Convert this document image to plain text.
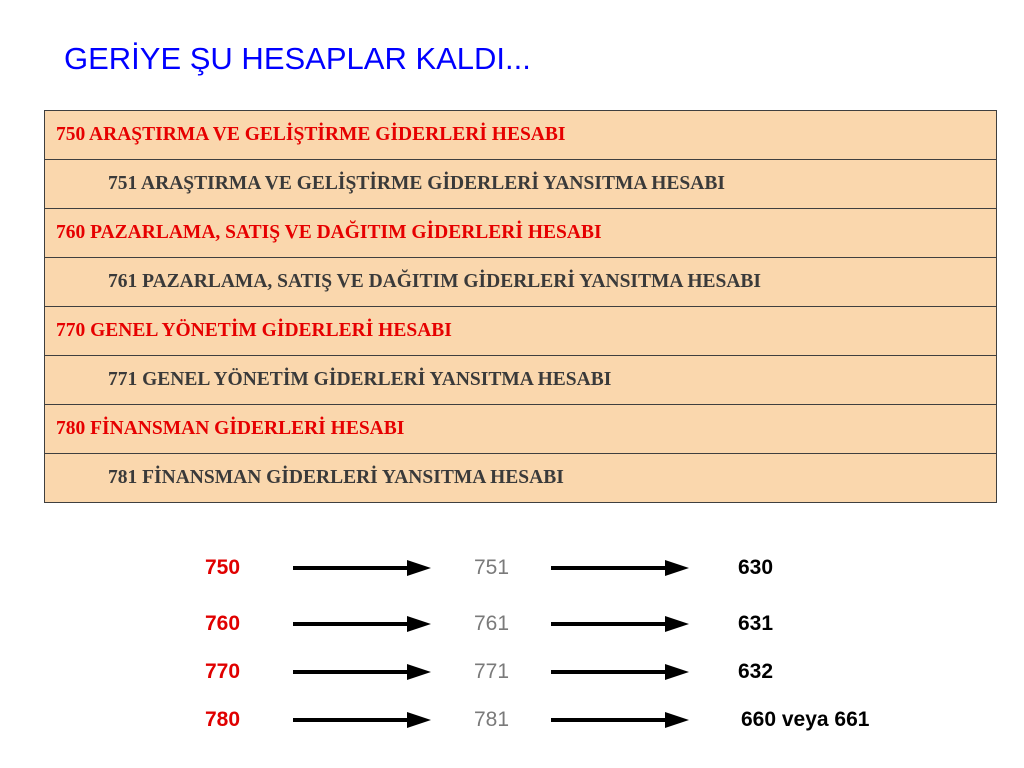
GERİYE ŞU HESAPLAR KALDI...
750 ARAŞTIRMA VE GELİŞTİRME GİDERLERİ HESABI
751 ARAŞTIRMA VE GELİŞTİRME GİDERLERİ YANSITMA HESABI
760 PAZARLAMA, SATIŞ VE DAĞITIM GİDERLERİ HESABI
761 PAZARLAMA, SATIŞ VE DAĞITIM GİDERLERİ YANSITMA HESABI
770 GENEL YÖNETİM GİDERLERİ HESABI
771 GENEL YÖNETİM GİDERLERİ YANSITMA HESABI
780 FİNANSMAN GİDERLERİ HESABI
781 FİNANSMAN GİDERLERİ YANSITMA HESABI
750	751	630
760	761	631
770	771	632
780	781	660 veya 661
